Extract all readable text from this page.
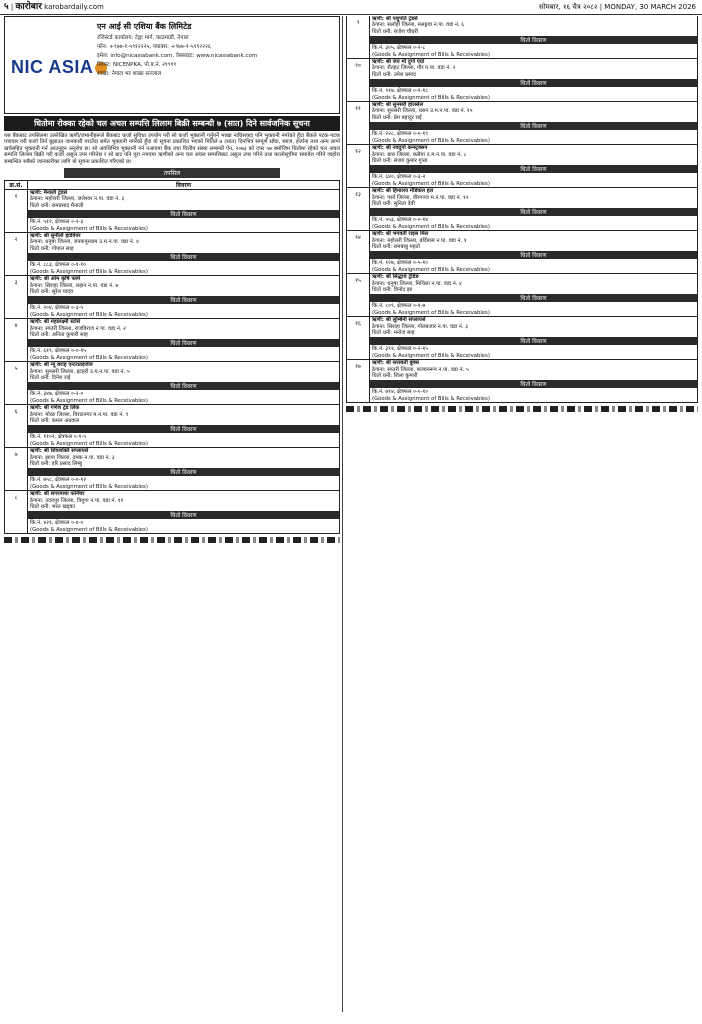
५ | कारोबार karobardaily.com	सोमबार, १६ चैत्र २०८२ | MONDAY, 30 MARCH 2026
NIC ASIA
एन आई सी एशिया बैंक लिमिटेड
रजिस्टर्ड कार्यालय: टेङ्गा मार्ग, काठमाडौं, नेपाल
फोन: +९७७-१-५९१२२२५, फ्याक्स: +९७७-१-५९१२२२६
इमेल: info@nicasiabank.com, वेबसाइट: www.nicasiabank.com
स्विफ्ट: NICENPKA, पो.ब.नं. २१९१९
शाखा: नेपाल भर शाखा सञ्जाल
धितोमा रोक्का रहेको चल अचल सम्पत्ति लिलाम बिक्री सम्बन्धी ७ (सात) दिने सार्वजनिक सूचना
यस बैंकबाट तपसिलमा उल्लेखित ऋणी/जमानीहरूले बैंकबाट कर्जा सुविधा उपयोग गरी सो कर्जा भुक्तानी गर्नुपर्ने भाखा नाघिसक्दा पनि भुक्तानी नगरेको हुँदा बैंकले पटक-पटक पत्राचार गरी कर्जा तिर्न बुझाउन जानकारी गराउँदा समेत भुक्तानी नगरेको हुँदा यो सूचना प्रकाशित भएको मितिले ७ (सात) दिनभित्र सम्पूर्ण साँवा, ब्याज, हर्जाना तथा अन्य लाग्ने खर्चसहित भुक्तानी गर्न आउनुहुन अनुरोध छ। सो अवधिभित्र भुक्तानी गर्न नआएमा बैंक तथा वित्तीय संस्था सम्बन्धी ऐन, २०७३ को दफा ५७ बमोजिम धितोमा रहेको चल अचल सम्पत्ति लिलाम बिक्री गरी कर्जा असुल उपर गरिनेछ र सो बाट पनि पूरा नभएमा ऋणीको अन्य चल अचल सम्पत्तिबाट असुल उपर गरिने तथा कालोसूचीमा समावेश गरिने व्यहोरा सम्बन्धित सबैको जानकारीका लागि यो सूचना प्रकाशित गरिएको छ।
तपसिल
क्र.सं.	विवरण
१
ऋणी: मैनाली ट्रेडर्स
ठेगाना: महोत्तरी जिल्ला, जलेश्वर न.पा. वडा नं. ३
धितो धनी: रामप्रसाद मैनाली
धितो विवरण
कि.नं. ५१२, क्षेत्रफल ०-२-३
(Goods & Assignment of Bills & Receivables)
२
ऋणी: श्री सुनौलो हार्डवेयर
ठेगाना: धनुषा जिल्ला, जनकपुरधाम उ.म.न.पा. वडा नं. ४
धितो धनी: गोपाल साह
धितो विवरण
कि.नं. ८८३, क्षेत्रफल ०-१-१०
(Goods & Assignment of Bills & Receivables)
३
ऋणी: श्री ओम कृषि फार्म
ठेगाना: सिराहा जिल्ला, लहान न.पा. वडा नं. ७
धितो धनी: सुरेश यादव
धितो विवरण
कि.नं. २०४, क्षेत्रफल ०-३-५
(Goods & Assignment of Bills & Receivables)
४
ऋणी: श्री महालक्ष्मी स्टोर्स
ठेगाना: सप्तरी जिल्ला, राजविराज न.पा. वडा नं. २
धितो धनी: अनिता कुमारी साह
धितो विवरण
कि.नं. ६१९, क्षेत्रफल ०-०-१५
(Goods & Assignment of Bills & Receivables)
५
ऋणी: श्री न्यू बराह एन्टरप्राइजेज
ठेगाना: सुनसरी जिल्ला, इटहरी उ.म.न.पा. वडा नं. ५
धितो धनी: दिनेश राई
धितो विवरण
कि.नं. ३४७, क्षेत्रफल ०-२-०
(Goods & Assignment of Bills & Receivables)
६
ऋणी: श्री गणेश ट्रेड लिंक
ठेगाना: मोरङ जिल्ला, विराटनगर म.न.पा. वडा नं. ९
धितो धनी: कमल अग्रवाल
धितो विवरण
कि.नं. ११०२, क्षेत्रफल ०-१-५
(Goods & Assignment of Bills & Receivables)
७
ऋणी: श्री शिवशक्ति सप्लायर्स
ठेगाना: झापा जिल्ला, दमक न.पा. वडा नं. ३
धितो धनी: हरि प्रसाद लिम्बु
धितो विवरण
कि.नं. ७५८, क्षेत्रफल ०-०-१२
(Goods & Assignment of Bills & Receivables)
८
ऋणी: श्री सगरमाथा फर्निचर
ठेगाना: उदयपुर जिल्ला, त्रियुगा न.पा. वडा नं. ११
धितो धनी: भरत खड्का
धितो विवरण
कि.नं. ४२१, क्षेत्रफल ०-४-०
(Goods & Assignment of Bills & Receivables)
९
ऋणी: श्री पशुपति ट्रेडर्स
ठेगाना: सर्लाही जिल्ला, मलङ्गवा न.पा. वडा नं. ६
धितो धनी: राजेश चौधरी
धितो विवरण
कि.नं. ३०५, क्षेत्रफल ०-२-८
(Goods & Assignment of Bills & Receivables)
१०
ऋणी: श्री जय माँ दुर्गा एग्रो
ठेगाना: रौतहट जिल्ला, गौर न.पा. वडा नं. २
धितो धनी: उमेश प्रसाद
धितो विवरण
कि.नं. ९१७, क्षेत्रफल ०-१-१८
(Goods & Assignment of Bills & Receivables)
११
ऋणी: श्री सुनसरी होलसेल
ठेगाना: सुनसरी जिल्ला, धरान उ.म.न.पा. वडा नं. १५
धितो धनी: प्रेम बहादुर राई
धितो विवरण
कि.नं. २२८, क्षेत्रफल ०-०-१९
(Goods & Assignment of Bills & Receivables)
१२
ऋणी: श्री नवदुर्गा कन्स्ट्रक्सन
ठेगाना: बारा जिल्ला, कलैया उ.म.न.पा. वडा नं. ८
धितो धनी: संजय कुमार गुप्ता
धितो विवरण
कि.नं. ६४०, क्षेत्रफल ०-३-२
(Goods & Assignment of Bills & Receivables)
१३
ऋणी: श्री हिमालय मेडिकल हल
ठेगाना: पर्सा जिल्ला, वीरगञ्ज म.न.पा. वडा नं. १२
धितो धनी: सुनिता देवी
धितो विवरण
कि.नं. ५५३, क्षेत्रफल ०-०-१४
(Goods & Assignment of Bills & Receivables)
१४
ऋणी: श्री भगवती राइस मिल
ठेगाना: महोत्तरी जिल्ला, बर्दिबास न.पा. वडा नं. १
धितो धनी: रामबाबु महतो
धितो विवरण
कि.नं. १२७, क्षेत्रफल ०-५-१०
(Goods & Assignment of Bills & Receivables)
१५
ऋणी: श्री सिद्धार्थ ट्रेडिङ
ठेगाना: धनुषा जिल्ला, मिथिला न.पा. वडा नं. ४
धितो धनी: विनोद झा
धितो विवरण
कि.नं. ८०९, क्षेत्रफल ०-१-७
(Goods & Assignment of Bills & Receivables)
१६
ऋणी: श्री लुम्बिनी सप्लायर्स
ठेगाना: सिराहा जिल्ला, गोलबजार न.पा. वडा नं. ३
धितो धनी: मनोज साह
धितो विवरण
कि.नं. ३९२, क्षेत्रफल ०-२-१५
(Goods & Assignment of Bills & Receivables)
१७
ऋणी: श्री सरस्वती बुक्स
ठेगाना: सप्तरी जिल्ला, कञ्चनरूप न.पा. वडा नं. ५
धितो धनी: शिला कुमारी
धितो विवरण
कि.नं. ७१४, क्षेत्रफल ०-०-१०
(Goods & Assignment of Bills & Receivables)
